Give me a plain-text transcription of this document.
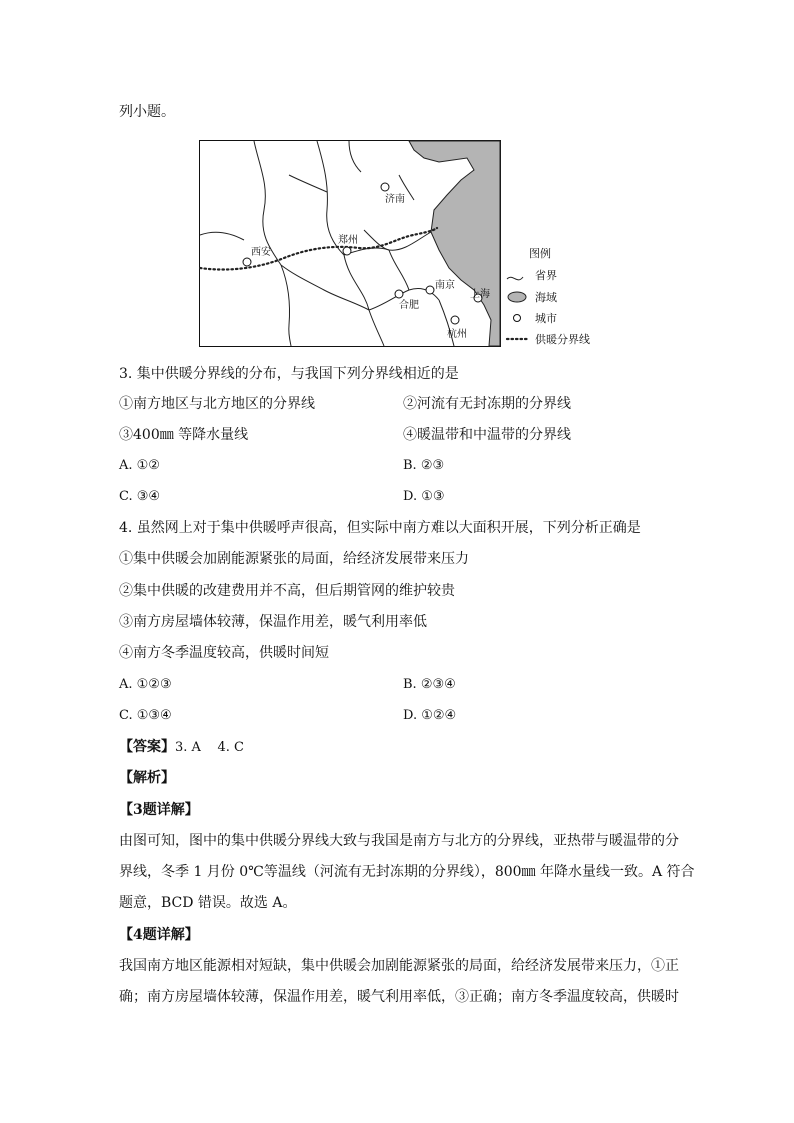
列小题。
济南
郑州
西安
南京
合肥
上海
杭州
图例
省界
海域
城市
供暖分界线
3. 集中供暖分界线的分布，与我国下列分界线相近的是
①南方地区与北方地区的分界线	②河流有无封冻期的分界线
③400㎜ 等降水量线	④暖温带和中温带的分界线
A. ①②	B. ②③
C. ③④	D. ①③
4. 虽然网上对于集中供暖呼声很高，但实际中南方难以大面积开展，下列分析正确是
①集中供暖会加剧能源紧张的局面，给经济发展带来压力
②集中供暖的改建费用并不高，但后期管网的维护较贵
③南方房屋墙体较薄，保温作用差，暖气利用率低
④南方冬季温度较高，供暖时间短
A. ①②③	B. ②③④
C. ①③④	D. ①②④
【答案】3. A    4. C
【解析】
【3题详解】
由图可知，图中的集中供暖分界线大致与我国是南方与北方的分界线，亚热带与暖温带的分
界线，冬季 1 月份 0℃等温线（河流有无封冻期的分界线），800㎜ 年降水量线一致。A 符合
题意，BCD 错误。故选 A。
【4题详解】
我国南方地区能源相对短缺，集中供暖会加剧能源紧张的局面，给经济发展带来压力，①正
确；南方房屋墙体较薄，保温作用差，暖气利用率低，③正确；南方冬季温度较高，供暖时
